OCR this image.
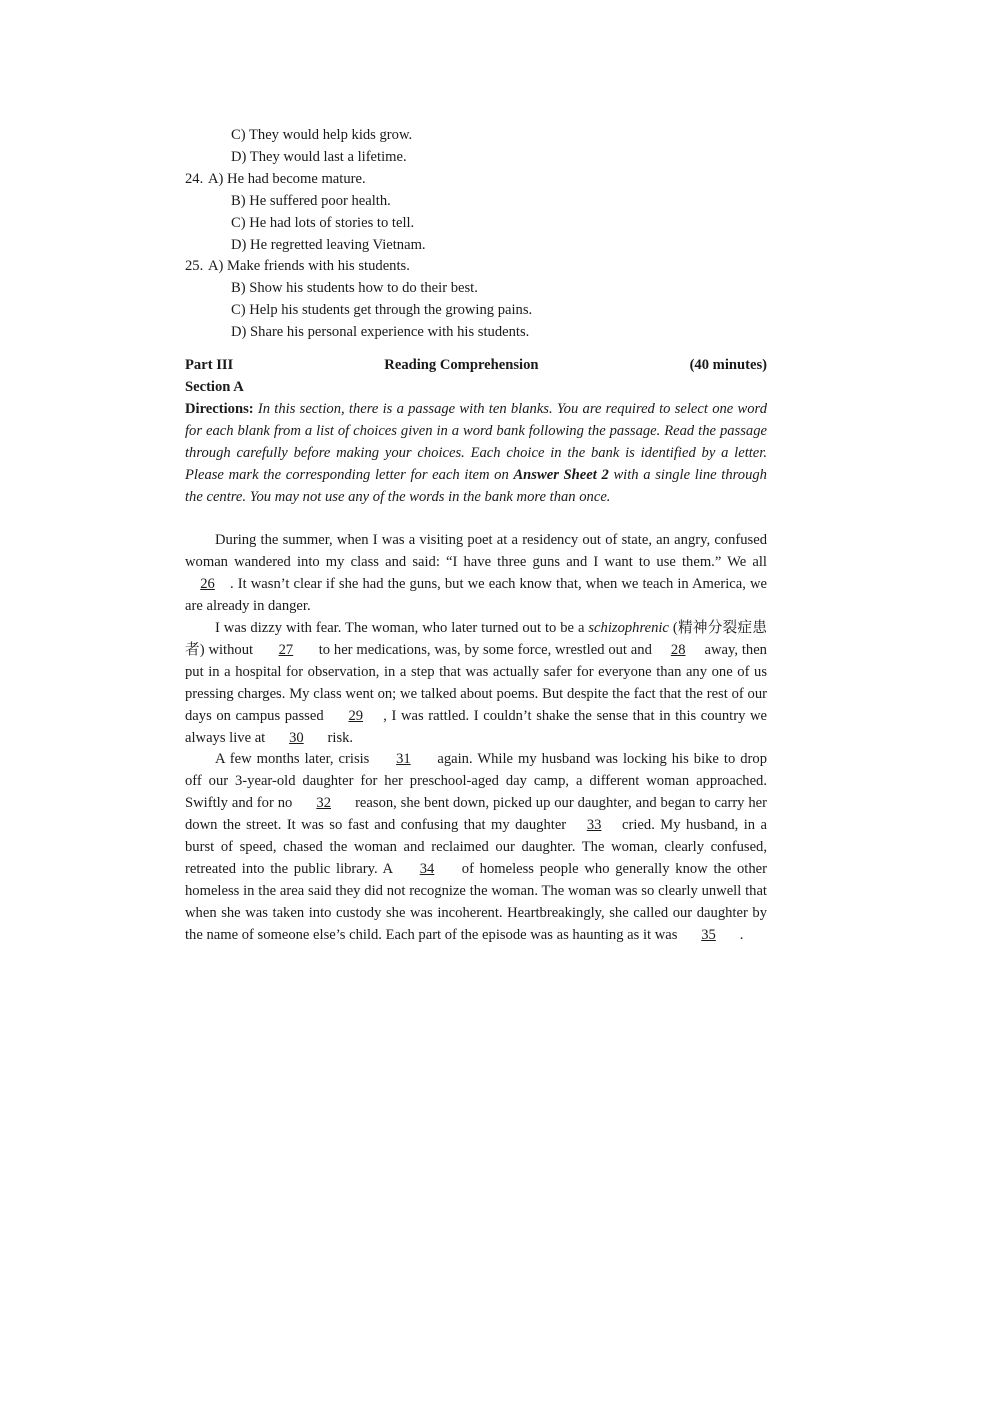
C) They would help kids grow.
D) They would last a lifetime.
24. A) He had become mature.
B) He suffered poor health.
C) He had lots of stories to tell.
D) He regretted leaving Vietnam.
25. A) Make friends with his students.
B) Show his students how to do their best.
C) Help his students get through the growing pains.
D) Share his personal experience with his students.
Part III	Reading Comprehension	(40 minutes)
Section A
Directions: In this section, there is a passage with ten blanks. You are required to select one word for each blank from a list of choices given in a word bank following the passage. Read the passage through carefully before making your choices. Each choice in the bank is identified by a letter. Please mark the corresponding letter for each item on Answer Sheet 2 with a single line through the centre. You may not use any of the words in the bank more than once.

During the summer, when I was a visiting poet at a residency out of state, an angry, confused woman wandered into my class and said: “I have three guns and I want to use them.” We all 26 . It wasn’t clear if she had the guns, but we each know that, when we teach in America, we are already in danger.

I was dizzy with fear. The woman, who later turned out to be a schizophrenic (精神分裂症患者) without 27 to her medications, was, by some force, wrestled out and 28 away, then put in a hospital for observation, in a step that was actually safer for everyone than any one of us pressing charges. My class went on; we talked about poems. But despite the fact that the rest of our days on campus passed 29 , I was rattled. I couldn’t shake the sense that in this country we always live at 30 risk.

A few months later, crisis 31 again. While my husband was locking his bike to drop off our 3-year-old daughter for her preschool-aged day camp, a different woman approached. Swiftly and for no 32 reason, she bent down, picked up our daughter, and began to carry her down the street. It was so fast and confusing that my daughter 33 cried. My husband, in a burst of speed, chased the woman and reclaimed our daughter. The woman, clearly confused, retreated into the public library. A 34 of homeless people who generally know the other homeless in the area said they did not recognize the woman. The woman was so clearly unwell that when she was taken into custody she was incoherent. Heartbreakingly, she called our daughter by the name of someone else’s child. Each part of the episode was as haunting as it was 35 .
